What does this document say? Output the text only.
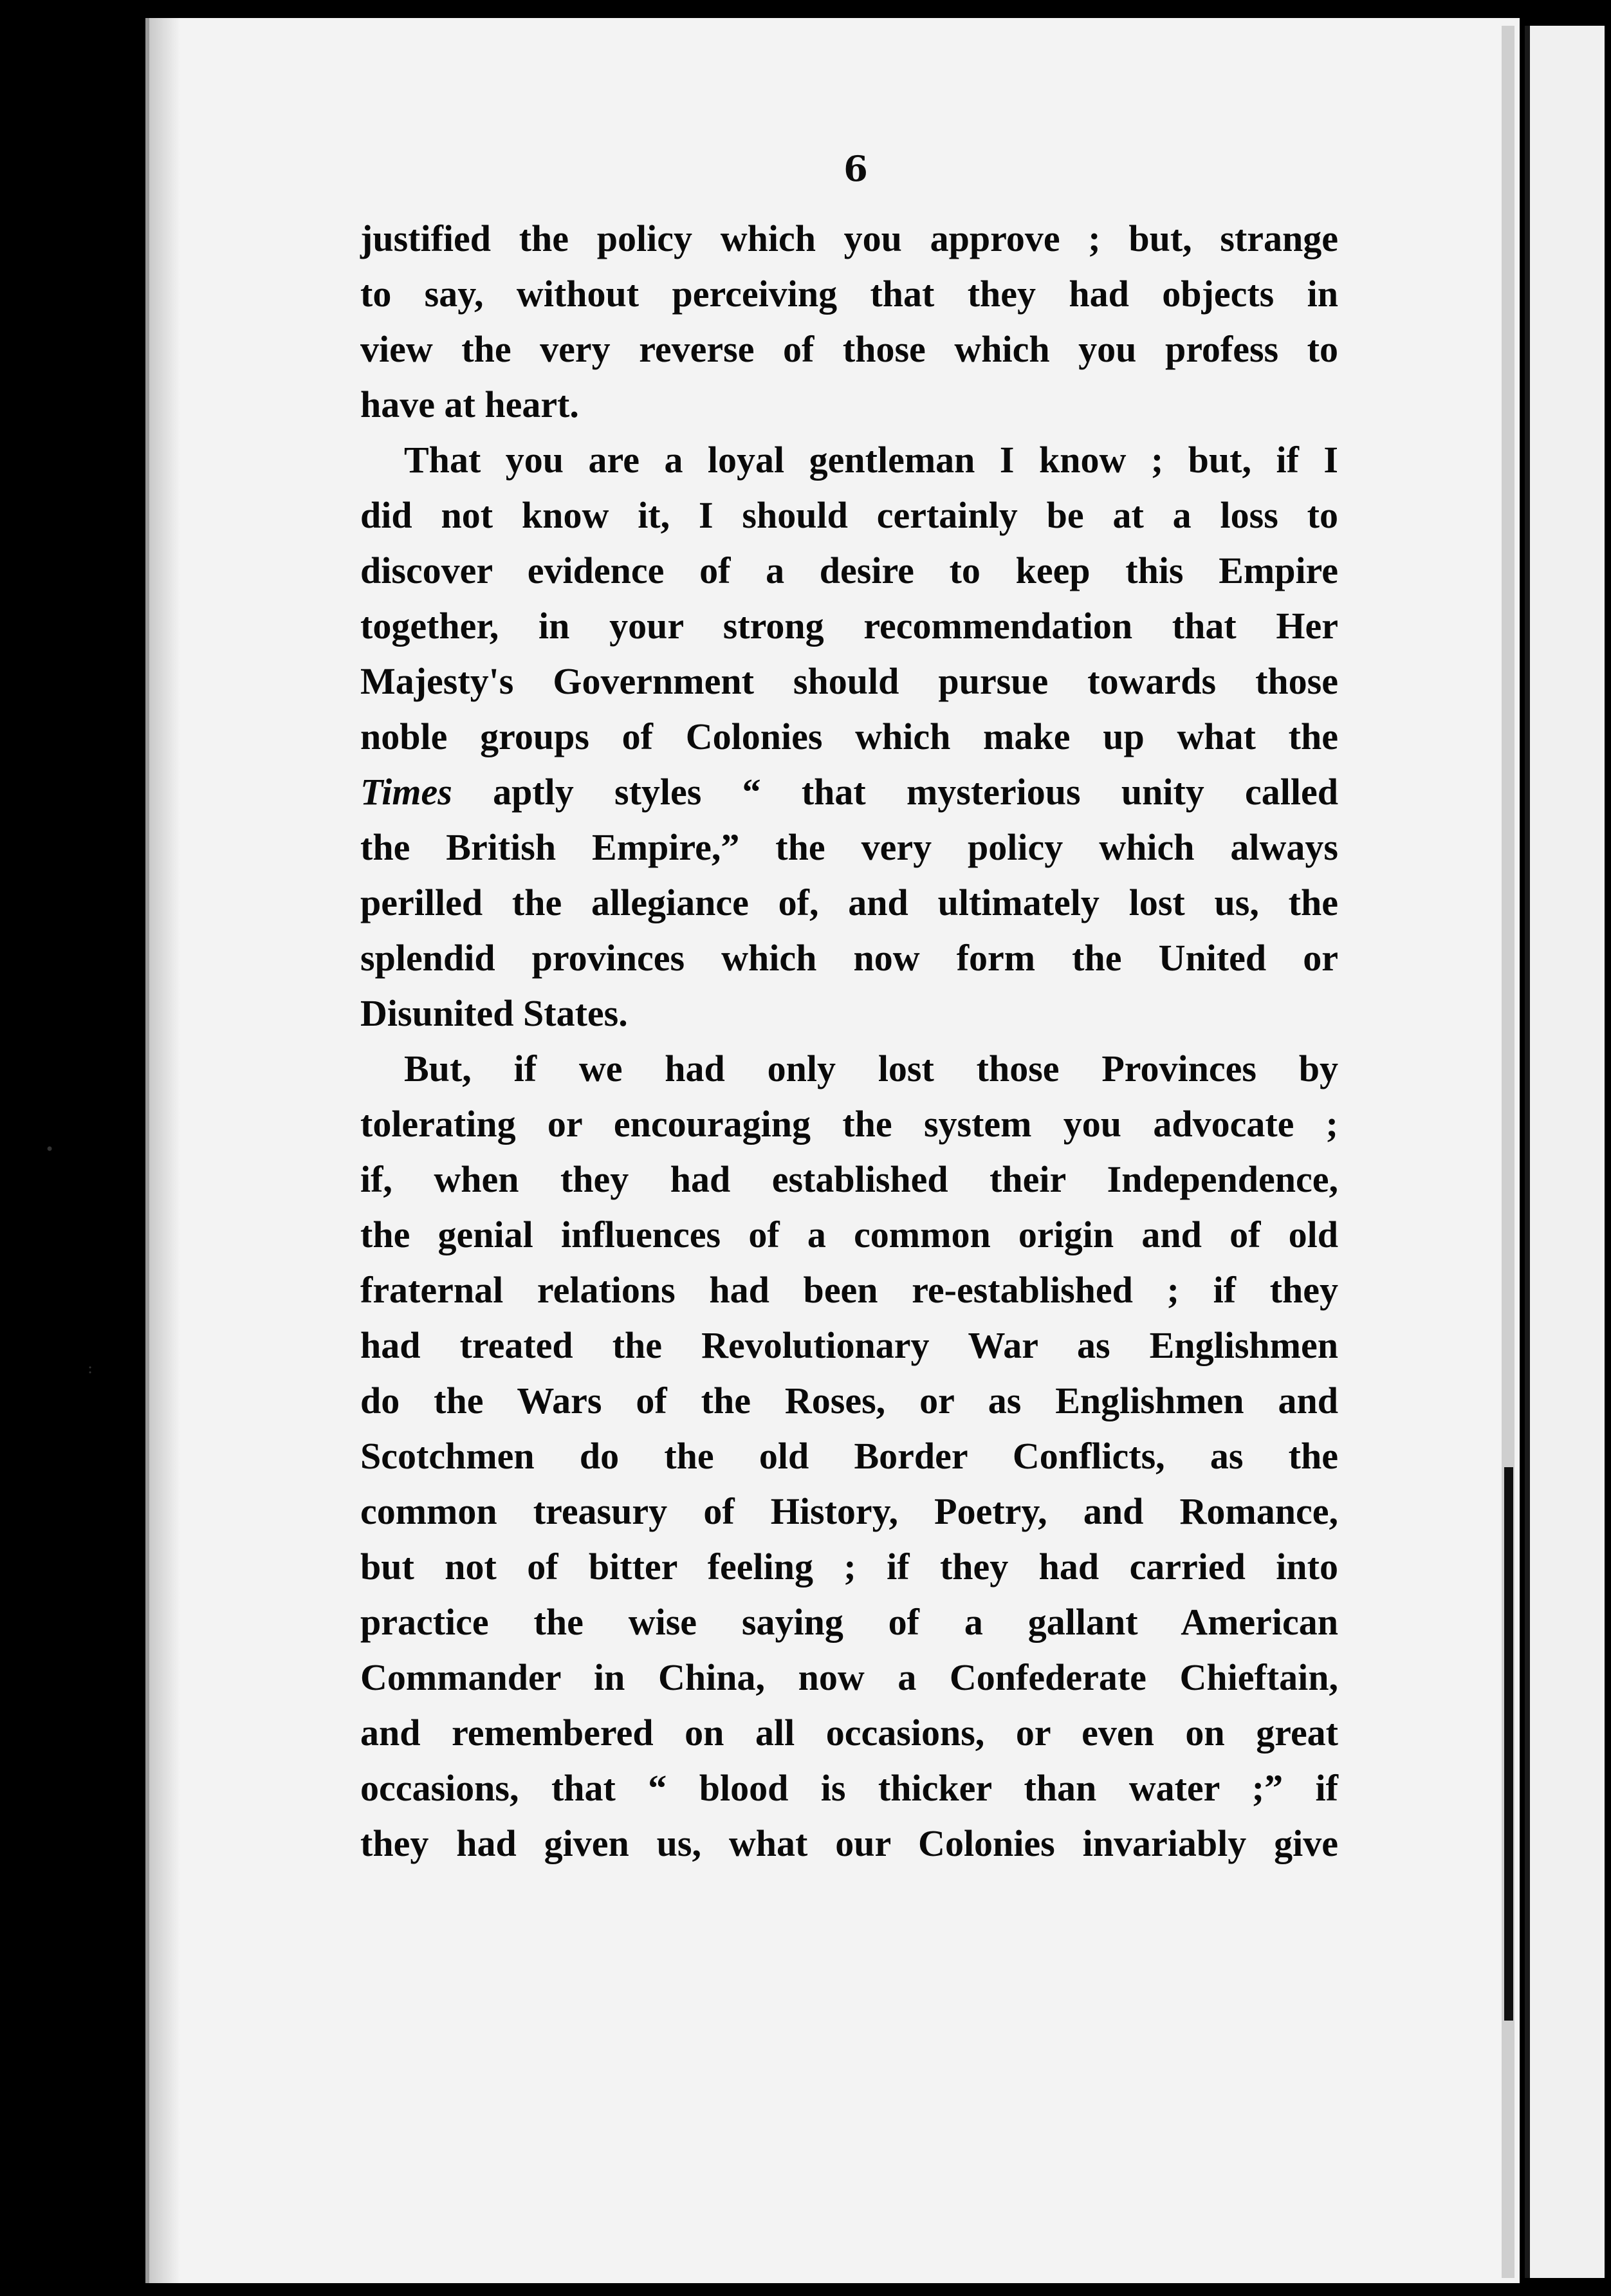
•
:
6
justified the policy which you approve ; but, strange
to say, without perceiving that they had objects in
view the very reverse of those which you profess to
have at heart.
That you are a loyal gentleman I know ; but, if I
did not know it, I should certainly be at a loss to
discover evidence of a desire to keep this Empire
together, in your strong recommendation that Her
Majesty's Government should pursue towards those
noble groups of Colonies which make up what the
Times aptly styles “ that mysterious unity called
the British Empire,” the very policy which always
perilled the allegiance of, and ultimately lost us, the
splendid provinces which now form the United or
Disunited States.
But, if we had only lost those Provinces by
tolerating or encouraging the system you advocate ;
if, when they had established their Independence,
the genial influences of a common origin and of old
fraternal relations had been re-established ; if they
had treated the Revolutionary War as Englishmen
do the Wars of the Roses, or as Englishmen and
Scotchmen do the old Border Conflicts, as the
common treasury of History, Poetry, and Romance,
but not of bitter feeling ; if they had carried into
practice the wise saying of a gallant American
Commander in China, now a Confederate Chieftain,
and remembered on all occasions, or even on great
occasions, that “ blood is thicker than water ;” if
they had given us, what our Colonies invariably give
